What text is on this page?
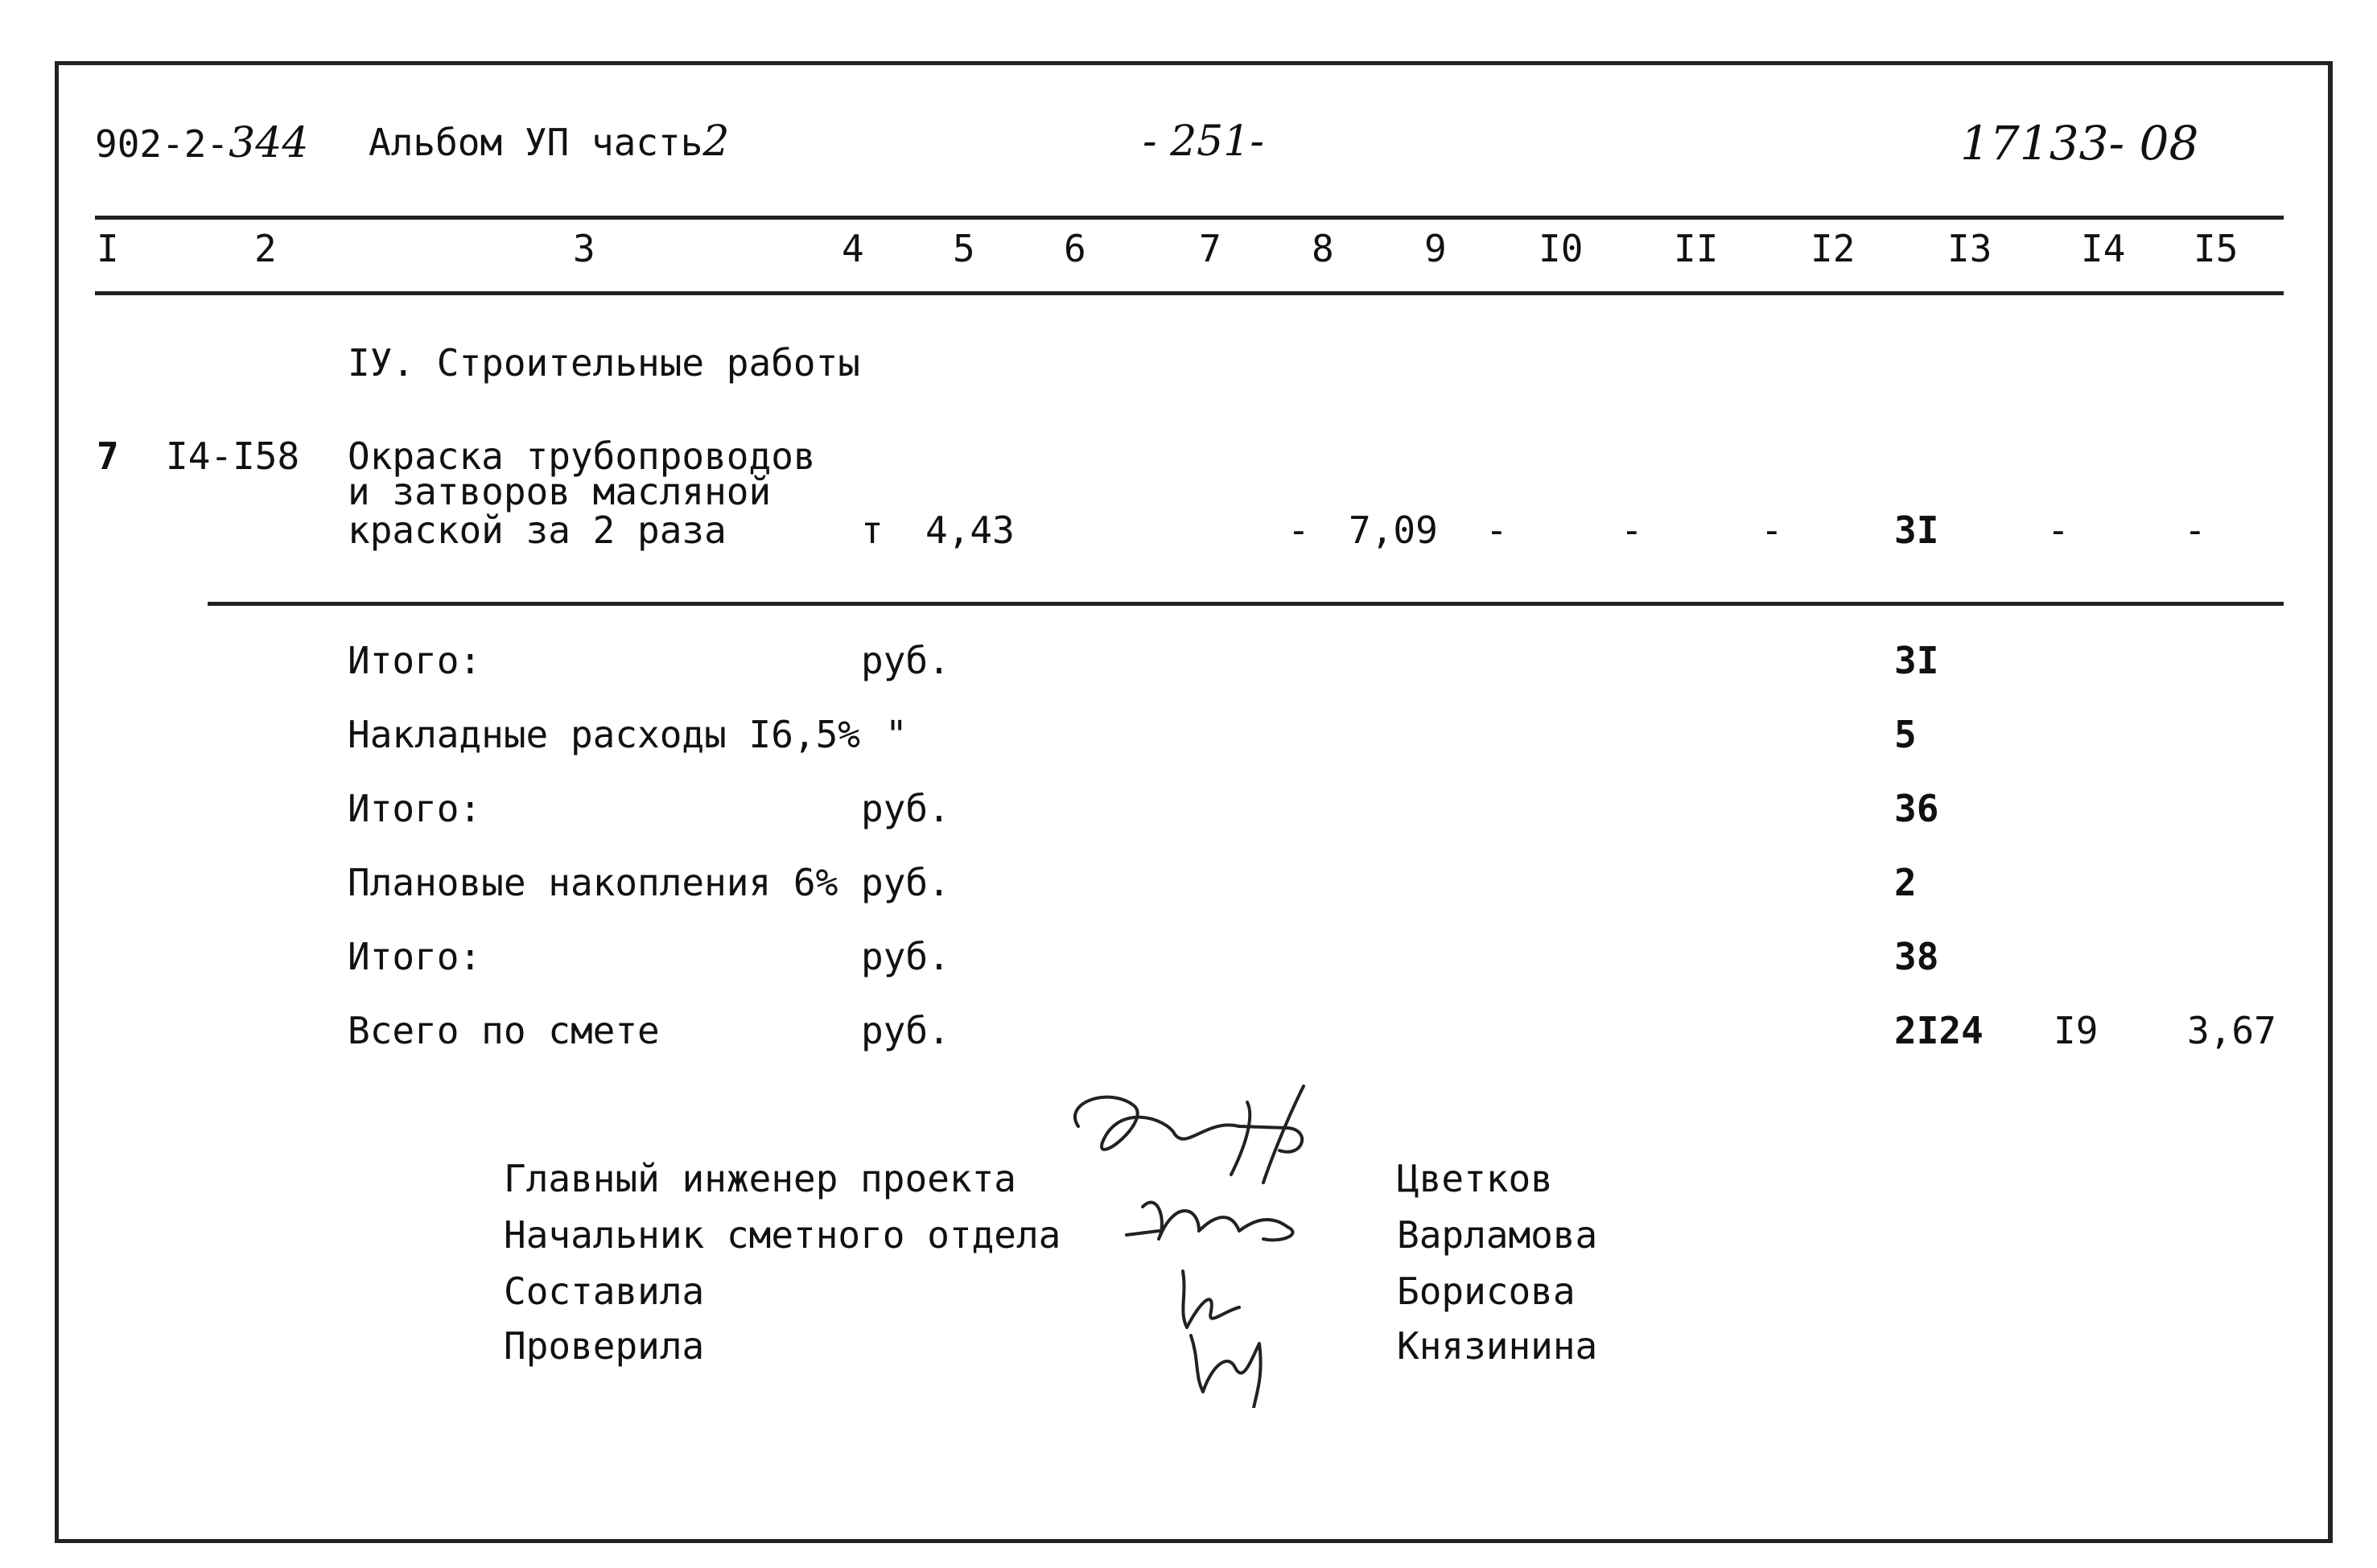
902-2-344 Альбом УП часть2	- 251-	17133- 08
I	2	3	4 5 6	7 8 9 I0 II I2 I3 I4 I5
IУ. Строительные работы
7 I4-I58 Окраска трубопроводов
и затворов масляной
краской за 2 раза	т 4,43	- 7,09 -	-	-	3I	-	-
Итого:	руб.	3I
Накладные расходы I6,5% "	5
Итого:	руб.	36
Плановые накопления 6% руб.	2
Итого:	руб.	38
Всего по смете	руб.	2I24 I9 3,67
Главный инженер проекта	Цветков
Начальник сметного отдела	Варламова
Составила	Борисова
Проверила	Князинина
